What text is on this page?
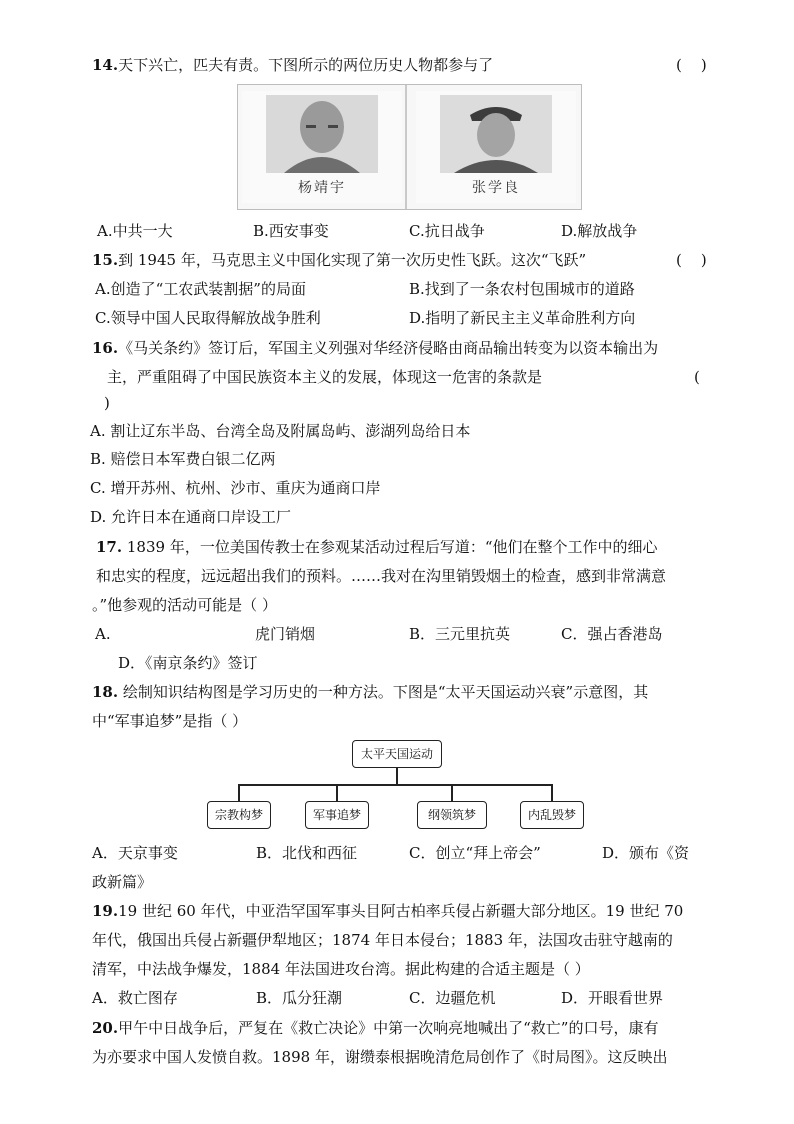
14.天下兴亡，匹夫有责。下图所示的两位历史人物都参与了	(    )
杨靖宇	张学良
A.中共一大	B.西安事变	C.抗日战争	D.解放战争
15.到 1945 年，马克思主义中国化实现了第一次历史性飞跃。这次“飞跃”	(    )
A.创造了“工农武装割据”的局面	B.找到了一条农村包围城市的道路
C.领导中国人民取得解放战争胜利	D.指明了新民主主义革命胜利方向
16.《马关条约》签订后，军国主义列强对华经济侵略由商品输出转变为以资本输出为
主，严重阻碍了中国民族资本主义的发展，体现这一危害的条款是	(
)
A. 割让辽东半岛、台湾全岛及附属岛屿、澎湖列岛给日本
B. 赔偿日本军费白银二亿两
C. 增开苏州、杭州、沙市、重庆为通商口岸
D. 允许日本在通商口岸设工厂
17. 1839 年，一位美国传教士在参观某活动过程后写道：“他们在整个工作中的细心
和忠实的程度，远远超出我们的预料。……我对在沟里销毁烟土的检查，感到非常满意
。”他参观的活动可能是（ ）
A.	虎门销烟	B．三元里抗英	C．强占香港岛
D．《南京条约》签订
18. 绘制知识结构图是学习历史的一种方法。下图是“太平天国运动兴衰”示意图，其
中“军事追梦”是指（ ）
太平天国运动
宗教构梦	军事追梦	纲领筑梦	内乱毁梦
A．天京事变	B．北伐和西征	C．创立“拜上帝会”	D．颁布《资
政新篇》
19.19 世纪 60 年代，中亚浩罕国军事头目阿古柏率兵侵占新疆大部分地区。19 世纪 70
年代，俄国出兵侵占新疆伊犁地区；1874 年日本侵台；1883 年，法国攻击驻守越南的
清军，中法战争爆发，1884 年法国进攻台湾。据此构建的合适主题是（ ）
A．救亡图存	B．瓜分狂潮	C．边疆危机	D．开眼看世界
20.甲午中日战争后，严复在《救亡决论》中第一次响亮地喊出了“救亡”的口号，康有
为亦要求中国人发愤自救。1898 年，谢缵泰根据晚清危局创作了《时局图》。这反映出
